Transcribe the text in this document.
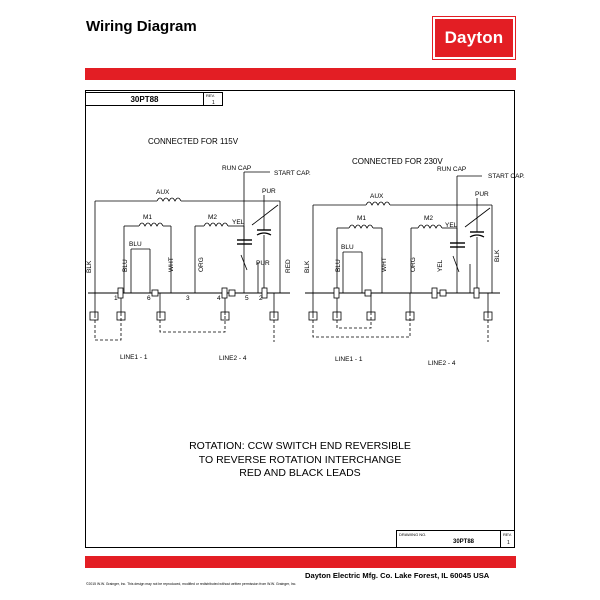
Wiring Diagram
Dayton
30PT88	REV.
1
CONNECTED FOR 115V
RUN CAP
START CAP.
PUR
AUX
M1	M2
YEL
BLU
BLK	BLU	WHT	ORG	PUR RED
1	6	3	4	5 2
LINE1 - 1	LINE2 - 4
CONNECTED FOR 230V
RUN CAP
START CAP.
PUR
AUX
M1	M2
YEL
BLU
BLK	BLU	WHT	ORG	YEL
BLK
LINE1 - 1
LINE2 - 4
ROTATION: CCW SWITCH END REVERSIBLE
TO REVERSE ROTATION INTERCHANGE
RED AND BLACK LEADS
DRAWING NO.
30PT88
REV.
1
Dayton Electric Mfg. Co. Lake Forest, IL 60045 USA
©2015 W.W. Grainger, Inc. This design may not be reproduced, modified or redistributed without written permission from W.W. Grainger, Inc.
